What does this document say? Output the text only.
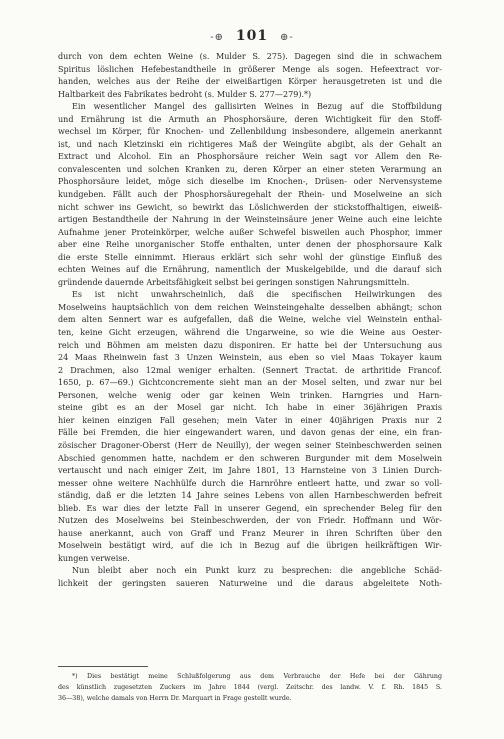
-⊕ 101 ⊕-
durch von dem echten Weine (s. Mulder S. 275). Dagegen sind die in schwachem
Spiritus löslichen Hefebestandtheile in größerer Menge als sogen. Hefeextract vor-
handen, welches aus der Reihe der eiweißartigen Körper herausgetreten ist und die
Haltbarkeit des Fabrikates bedroht (s. Mulder S. 277—279).*)
Ein wesentlicher Mangel des gallisirten Weines in Bezug auf die Stoffbildung
und Ernährung ist die Armuth an Phosphorsäure, deren Wichtigkeit für den Stoff-
wechsel im Körper, für Knochen- und Zellenbildung insbesondere, allgemein anerkannt
ist, und nach Kletzinski ein richtigeres Maß der Weingüte abgibt, als der Gehalt an
Extract und Alcohol. Ein an Phosphorsäure reicher Wein sagt vor Allem den Re-
convalescenten und solchen Kranken zu, deren Körper an einer steten Verarmung an
Phosphorsäure leidet, möge sich dieselbe im Knochen-, Drüsen- oder Nervensysteme
kundgeben. Fällt auch der Phosphorsäuregehalt der Rhein- und Moselweine an sich
nicht schwer ins Gewicht, so bewirkt das Löslichwerden der stickstoffhaltigen, eiweiß-
artigen Bestandtheile der Nahrung in der Weinsteinsäure jener Weine auch eine leichte
Aufnahme jener Proteinkörper, welche außer Schwefel bisweilen auch Phosphor, immer
aber eine Reihe unorganischer Stoffe enthalten, unter denen der phosphorsaure Kalk
die erste Stelle einnimmt. Hieraus erklärt sich sehr wohl der günstige Einfluß des
echten Weines auf die Ernährung, namentlich der Muskelgebilde, und die darauf sich
gründende dauernde Arbeitsfähigkeit selbst bei geringen sonstigen Nahrungsmitteln.
Es ist nicht unwahrscheinlich, daß die specifischen Heilwirkungen des
Moselweins hauptsächlich von dem reichen Weinsteingehalte desselben abhängt; schon
dem alten Sennert war es aufgefallen, daß die Weine, welche viel Weinstein enthal-
ten, keine Gicht erzeugen, während die Ungarweine, so wie die Weine aus Oester-
reich und Böhmen am meisten dazu disponiren. Er hatte bei der Untersuchung aus
24 Maas Rheinwein fast 3 Unzen Weinstein, aus eben so viel Maas Tokayer kaum
2 Drachmen, also 12mal weniger erhalten. (Sennert Tractat. de arthritide Francof.
1650, p. 67—69.) Gichtconcremente sieht man an der Mosel selten, und zwar nur bei
Personen, welche wenig oder gar keinen Wein trinken. Harngries und Harn-
steine gibt es an der Mosel gar nicht. Ich habe in einer 36jährigen Praxis
hier keinen einzigen Fall gesehen; mein Vater in einer 40jährigen Praxis nur 2
Fälle bei Fremden, die hier eingewandert waren, und davon genas der eine, ein fran-
zösischer Dragoner-Oberst (Herr de Neuilly), der wegen seiner Steinbeschwerden seinen
Abschied genommen hatte, nachdem er den schweren Burgunder mit dem Moselwein
vertauscht und nach einiger Zeit, im Jahre 1801, 13 Harnsteine von 3 Linien Durch-
messer ohne weitere Nachhülfe durch die Harnröhre entleert hatte, und zwar so voll-
ständig, daß er die letzten 14 Jahre seines Lebens von allen Harnbeschwerden befreit
blieb. Es war dies der letzte Fall in unserer Gegend, ein sprechender Beleg für den
Nutzen des Moselweins bei Steinbeschwerden, der von Friedr. Hoffmann und Wör-
hause anerkannt, auch von Graff und Franz Meurer in ihren Schriften über den
Moselwein bestätigt wird, auf die ich in Bezug auf die übrigen heilkräftigen Wir-
kungen verweise.
Nun bleibt aber noch ein Punkt kurz zu besprechen: die angebliche Schäd-
lichkeit der geringsten saueren Naturweine und die daraus abgeleitete Noth-
*) Dies bestätigt meine Schlußfolgerung aus dem Verbrauche der Hefe bei der Gährung
des künstlich zugesetzten Zuckers im Jahre 1844 (vergl. Zeitschr. des landw. V. f. Rh. 1845 S.
36—38), welche damals von Herrn Dr. Marquart in Frage gestellt wurde.
